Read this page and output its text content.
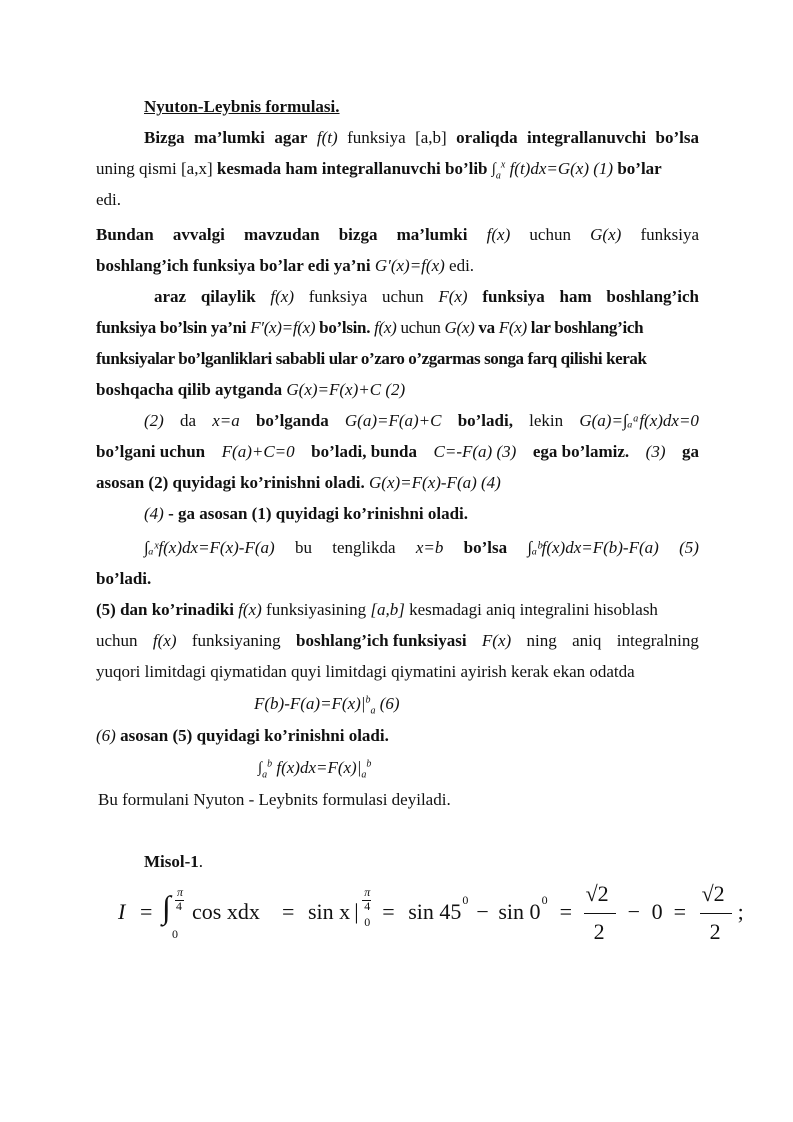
Nyuton-Leybnis formulasi.
Bizga ma’lumki agar f(t) funksiya [a,b] oraliqda integrallanuvchi bo’lsa
uning qismi [a,x] kesmada ham integrallanuvchi bo’lib $\int_a^x$ f(t)dx=G(x) (1) bo’lar
edi.
Bundan avvalgi mavzudan bizga ma’lumki f(x) uchun G(x) funksiya
boshlang’ich funksiya bo’lar edi ya’ni G′(x)=f(x) edi.
araz qilaylik f(x) funksiya uchun F(x) funksiya ham boshlang’ich
funksiya bo’lsin ya’ni F′(x)=f(x) bo’lsin. f(x) uchun G(x) va F(x) lar boshlang’ich
funksiyalar bo’lganliklari sababli ular o’zaro o’zgarmas songa farq qilishi kerak
boshqacha qilib aytganda G(x)=F(x)+C (2)
(2) da x=a bo’lganda G(a)=F(a)+C bo’ladi, lekin G(a)=∫ₐᵃf(x)dx=0
bo’lgani uchun F(a)+C=0 bo’ladi, bunda C=-F(a) (3) ega bo’lamiz. (3) ga
asosan (2) quyidagi ko’rinishni oladi. G(x)=F(x)-F(a) (4)
(4) - ga asosan (1) quyidagi ko’rinishni oladi.
∫ₐˣf(x)dx=F(x)-F(a) bu tenglikda x=b bo’lsa ∫ₐᵇf(x)dx=F(b)-F(a) (5)
bo’ladi.
(5) dan ko’rinadiki f(x) funksiyasining [a,b] kesmadagi aniq integralini hisoblash
uchun f(x) funksiyaning boshlang’ich funksiyasi F(x) ning aniq integralning
yuqori limitdagi qiymatidan quyi limitdagi qiymatini ayirish kerak ekan odatda
$F(b)-F(a)=F(x)|^b_a$ (6)
(6) asosan (5) quyidagi ko’rinishni oladi.
$\int_a^b$ $f(x)dx=F(x)|_a^b$
Bu formulani Nyuton - Leybnits formulasi deyiladi.
Misol-1.
I = ∫ π
4
0
cos xdx = sin x |
π
4
0 = sin 45 0 − sin 0 0 =
√2
2
− 0 =
√2
2
;
